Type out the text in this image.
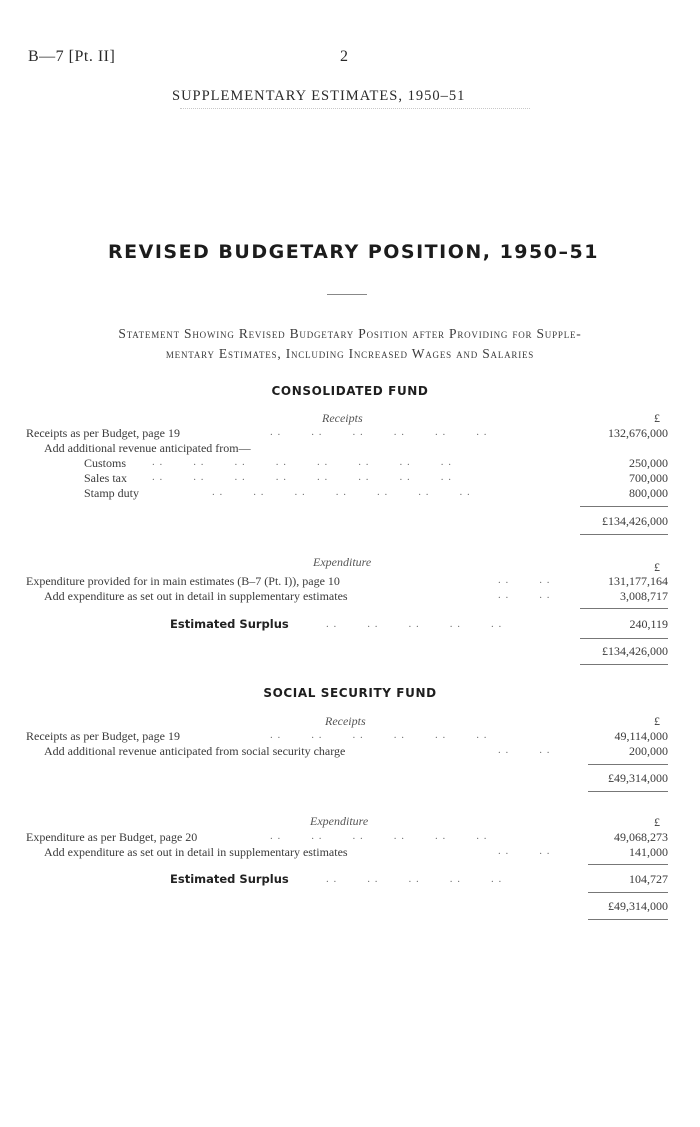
B—7 [Pt. II]	2
SUPPLEMENTARY ESTIMATES, 1950–51
REVISED BUDGETARY POSITION, 1950–51
Statement Showing Revised Budgetary Position after Providing for Supple-
mentary Estimates, Including Increased Wages and Salaries
CONSOLIDATED FUND
Receipts	£
Receipts as per Budget, page 19	. .        . .        . .        . .        . .        . .	132,676,000
Add additional revenue anticipated from—
Customs . .        . .        . .        . .        . .        . .        . .        . .	250,000
Sales tax . .        . .        . .        . .        . .        . .        . .        . .	700,000
Stamp duty	. .        . .        . .        . .        . .        . .        . .	800,000
£134,426,000
Expenditure	£
Expenditure provided for in main estimates (B–7 (Pt. I)), page 10	. .        . .	131,177,164
Add expenditure as set out in detail in supplementary estimates	. .        . .	3,008,717
Estimated Surplus	. .        . .        . .        . .        . .	240,119
£134,426,000
SOCIAL SECURITY FUND
Receipts	£
Receipts as per Budget, page 19	. .        . .        . .        . .        . .        . .	49,114,000
Add additional revenue anticipated from social security charge	. .        . .	200,000
£49,314,000
Expenditure	£
Expenditure as per Budget, page 20	. .        . .        . .        . .        . .        . .	49,068,273
Add expenditure as set out in detail in supplementary estimates	. .        . .	141,000
Estimated Surplus	. .        . .        . .        . .        . .	104,727
£49,314,000
